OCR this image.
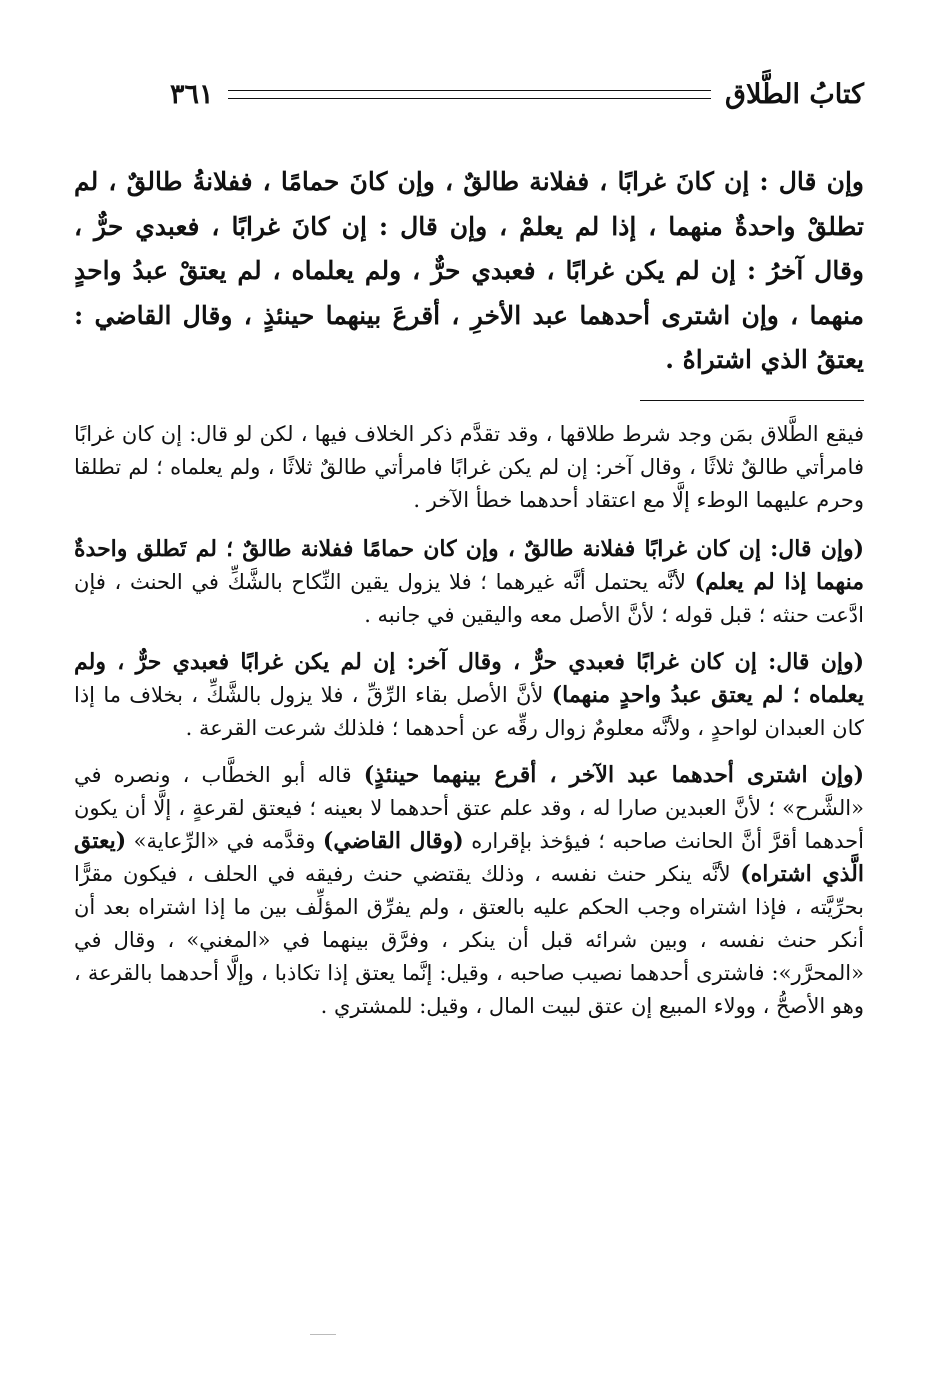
كتابُ الطَّلاق
٣٦١
وإن قال : إن كانَ غرابًا ، ففلانة طالقٌ ، وإن كانَ حمامًا ، ففلانةُ طالقٌ ، لم تطلقْ واحدةٌ منهما ، إذا لم يعلمْ ، وإن قال : إن كانَ غرابًا ، فعبدي حرٌّ ، وقال آخرُ : إن لم يكن غرابًا ، فعبدي حرٌّ ، ولم يعلماه ، لم يعتقْ عبدُ واحدٍ منهما ، وإن اشترى أحدهما عبد الأخرِ ، أقرعَ بينهما حينئذٍ ، وقال القاضي : يعتقُ الذي اشتراهُ .

فيقع الطَّلاق بمَن وجد شرط طلاقها ، وقد تقدَّم ذكر الخلاف فيها ، لكن لو قال: إن كان غرابًا فامرأتي طالقٌ ثلاثًا ، وقال آخر: إن لم يكن غرابًا فامرأتي طالقٌ ثلاثًا ، ولم يعلماه ؛ لم تطلقا وحرم عليهما الوطء إلَّا مع اعتقاد أحدهما خطأ الآخر .

(وإن قال: إن كان غرابًا ففلانة طالقٌ ، وإن كان حمامًا ففلانة طالقٌ ؛ لم تَطلق واحدةٌ منهما إذا لم يعلم) لأنَّه يحتمل أنَّه غيرهما ؛ فلا يزول يقين النِّكاح بالشَّكِّ في الحنث ، فإن ادَّعت حنثه ؛ قبل قوله ؛ لأنَّ الأصل معه واليقين في جانبه .

(وإن قال: إن كان غرابًا فعبدي حرٌّ ، وقال آخر: إن لم يكن غرابًا فعبدي حرٌّ ، ولم يعلماه ؛ لم يعتق عبدُ واحدٍ منهما) لأنَّ الأصل بقاء الرِّقِّ ، فلا يزول بالشَّكِّ ، بخلاف ما إذا كان العبدان لواحدٍ ، ولأنَّه معلومٌ زوال رقِّه عن أحدهما ؛ فلذلك شرعت القرعة .

(وإن اشترى أحدهما عبد الآخر ، أقرع بينهما حينئذٍ) قاله أبو الخطَّاب ، ونصره في «الشَّرح» ؛ لأنَّ العبدين صارا له ، وقد علم عتق أحدهما لا بعينه ؛ فيعتق لقرعةٍ ، إلَّا أن يكون أحدهما أقرَّ أنَّ الحانث صاحبه ؛ فيؤخذ بإقراره (وقال القاضي) وقدَّمه في «الرِّعاية» (يعتق الَّذي اشتراه) لأنَّه ينكر حنث نفسه ، وذلك يقتضي حنث رفيقه في الحلف ، فيكون مقرًّا بحرِّيَّته ، فإذا اشتراه وجب الحكم عليه بالعتق ، ولم يفرِّق المؤلِّف بين ما إذا اشتراه بعد أن أنكر حنث نفسه ، وبين شرائه قبل أن ينكر ، وفرَّق بينهما في «المغني» ، وقال في «المحرَّر»: فاشترى أحدهما نصيب صاحبه ، وقيل: إنَّما يعتق إذا تكاذبا ، وإلَّا أحدهما بالقرعة ، وهو الأصحُّ ، وولاء المبيع إن عتق لبيت المال ، وقيل: للمشتري .
